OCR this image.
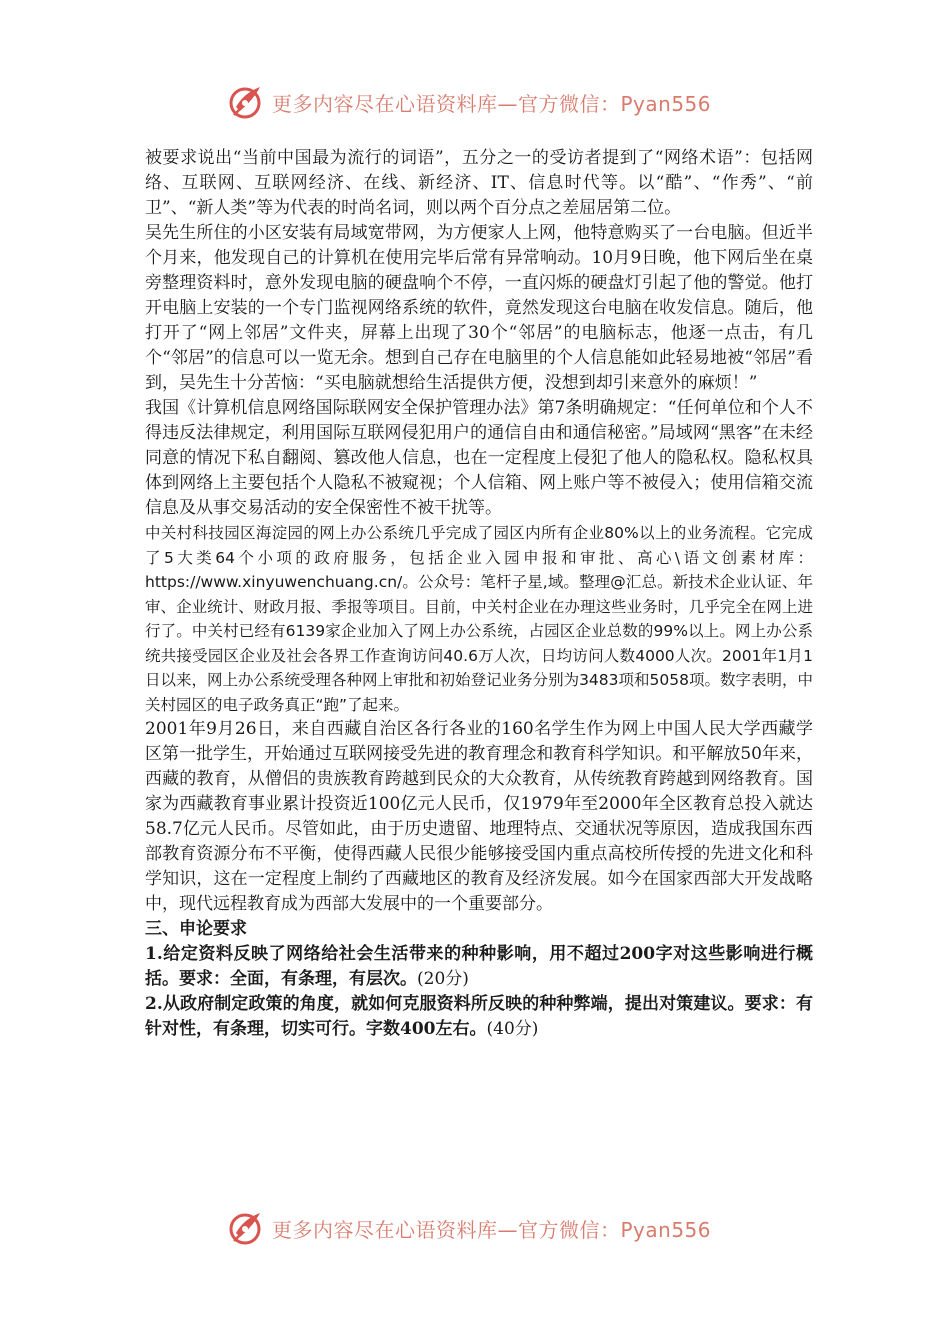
更多内容尽在心语资料库—官方微信：Pyan556

被要求说出“当前中国最为流行的词语”，五分之一的受访者提到了“网络术语”：包括网络、互联网、互联网经济、在线、新经济、IT、信息时代等。以“酷”、“作秀”、“前卫”、“新人类”等为代表的时尚名词，则以两个百分点之差屈居第二位。

吴先生所住的小区安装有局域宽带网，为方便家人上网，他特意购买了一台电脑。但近半个月来，他发现自己的计算机在使用完毕后常有异常响动。10月9日晚，他下网后坐在桌旁整理资料时，意外发现电脑的硬盘响个不停，一直闪烁的硬盘灯引起了他的警觉。他打开电脑上安装的一个专门监视网络系统的软件，竟然发现这台电脑在收发信息。随后，他打开了“网上邻居”文件夹，屏幕上出现了30个“邻居”的电脑标志，他逐一点击，有几个“邻居”的信息可以一览无余。想到自己存在电脑里的个人信息能如此轻易地被“邻居”看到，吴先生十分苦恼：“买电脑就想给生活提供方便，没想到却引来意外的麻烦！”

我国《计算机信息网络国际联网安全保护管理办法》第7条明确规定：“任何单位和个人不得违反法律规定，利用国际互联网侵犯用户的通信自由和通信秘密。”局域网“黑客”在未经同意的情况下私自翻阅、篡改他人信息，也在一定程度上侵犯了他人的隐私权。隐私权具体到网络上主要包括个人隐私不被窥视；个人信箱、网上账户等不被侵入；使用信箱交流信息及从事交易活动的安全保密性不被干扰等。

中关村科技园区海淀园的网上办公系统几乎完成了园区内所有企业80%以上的业务流程。它完成了5大类64个小项的政府服务，包括企业入园申报和审批、高心\语文创素材库：https://www.xinyuwenchuang.cn/。公众号：笔杆子星,域。整理@汇总。新技术企业认证、年审、企业统计、财政月报、季报等项目。目前，中关村企业在办理这些业务时，几乎完全在网上进行了。中关村已经有6139家企业加入了网上办公系统，占园区企业总数的99%以上。网上办公系统共接受园区企业及社会各界工作查询访问40.6万人次，日均访问人数4000人次。2001年1月1日以来，网上办公系统受理各种网上审批和初始登记业务分别为3483项和5058项。数字表明，中关村园区的电子政务真正“跑”了起来。

2001年9月26日，来自西藏自治区各行各业的160名学生作为网上中国人民大学西藏学区第一批学生，开始通过互联网接受先进的教育理念和教育科学知识。和平解放50年来，西藏的教育，从僧侣的贵族教育跨越到民众的大众教育，从传统教育跨越到网络教育。国家为西藏教育事业累计投资近100亿元人民币，仅1979年至2000年全区教育总投入就达58.7亿元人民币。尽管如此，由于历史遗留、地理特点、交通状况等原因，造成我国东西部教育资源分布不平衡，使得西藏人民很少能够接受国内重点高校所传授的先进文化和科学知识，这在一定程度上制约了西藏地区的教育及经济发展。如今在国家西部大开发战略中，现代远程教育成为西部大发展中的一个重要部分。

三、申论要求

1.给定资料反映了网络给社会生活带来的种种影响，用不超过200字对这些影响进行概括。要求：全面，有条理，有层次。(20分)

2.从政府制定政策的角度，就如何克服资料所反映的种种弊端，提出对策建议。要求：有针对性，有条理，切实可行。字数400左右。(40分)

更多内容尽在心语资料库—官方微信：Pyan556
